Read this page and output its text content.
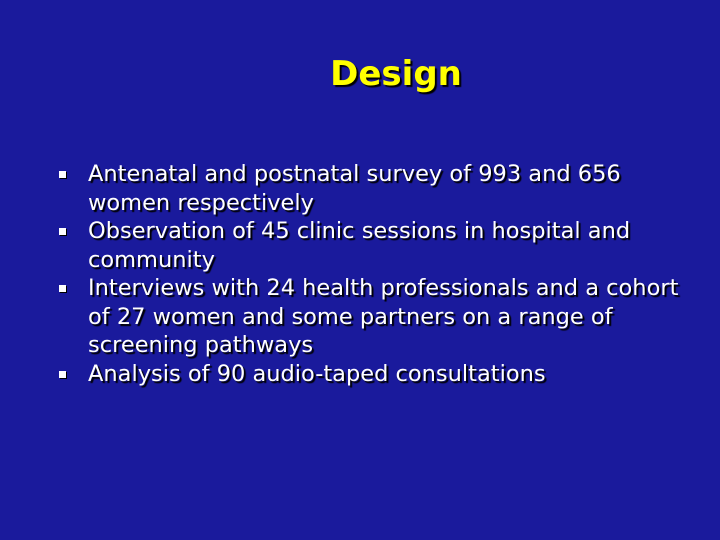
Design
Antenatal and postnatal survey of 993 and 656 women respectively
Observation of 45 clinic sessions in hospital and community
Interviews with 24 health professionals and a cohort of 27 women and some partners on a range of screening pathways
Analysis of 90 audio-taped consultations
